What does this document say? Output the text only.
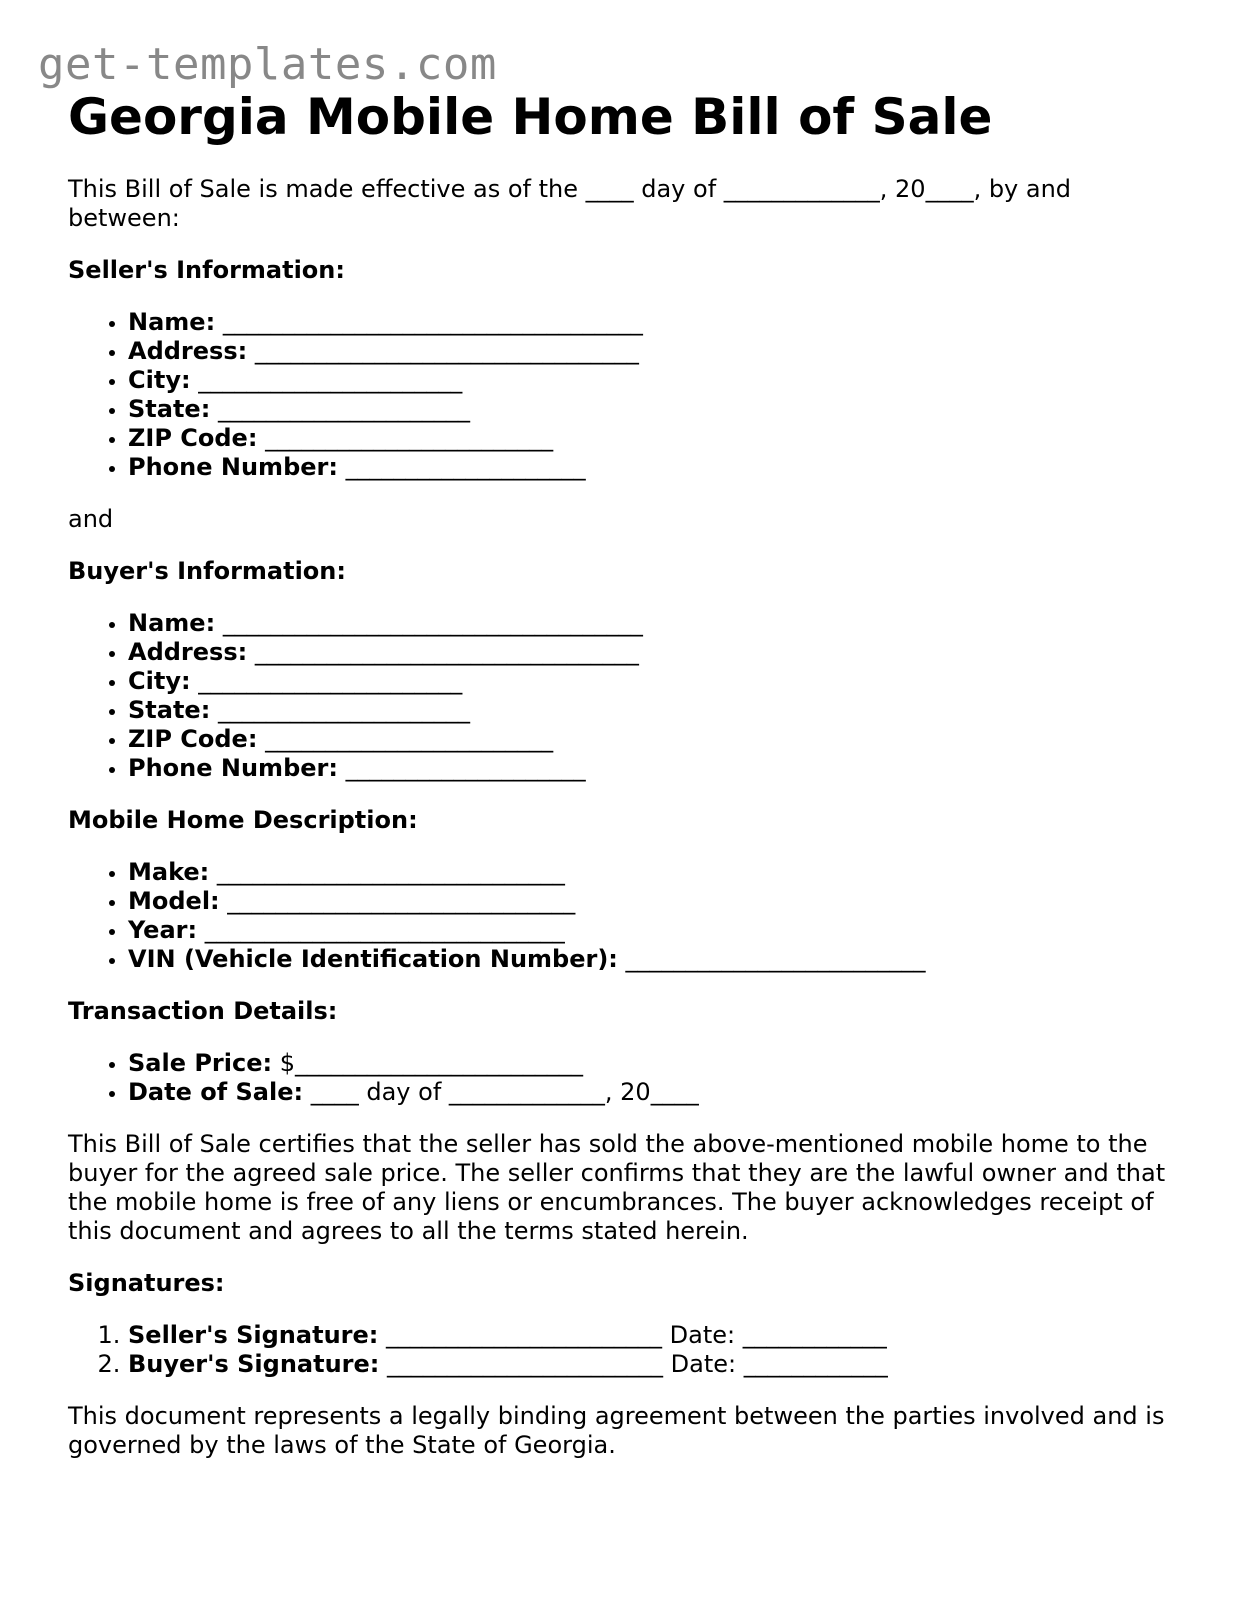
get-templates.com
Georgia Mobile Home Bill of Sale

This Bill of Sale is made effective as of the ____ day of _____________, 20____, by and between:

Seller's Information:

• Name: ___________________________________
• Address: ________________________________
• City: ______________________
• State: _____________________
• ZIP Code: ________________________
• Phone Number: ____________________

and

Buyer's Information:

• Name: ___________________________________
• Address: ________________________________
• City: ______________________
• State: _____________________
• ZIP Code: ________________________
• Phone Number: ____________________

Mobile Home Description:

• Make: _____________________________
• Model: _____________________________
• Year: ______________________________
• VIN (Vehicle Identification Number): _________________________

Transaction Details:

• Sale Price: $________________________
• Date of Sale: ____ day of _____________, 20____

This Bill of Sale certifies that the seller has sold the above-mentioned mobile home to the buyer for the agreed sale price. The seller confirms that they are the lawful owner and that the mobile home is free of any liens or encumbrances. The buyer acknowledges receipt of this document and agrees to all the terms stated herein.

Signatures:

1. Seller's Signature: _______________________ Date: ____________
2. Buyer's Signature: _______________________ Date: ____________

This document represents a legally binding agreement between the parties involved and is governed by the laws of the State of Georgia.
